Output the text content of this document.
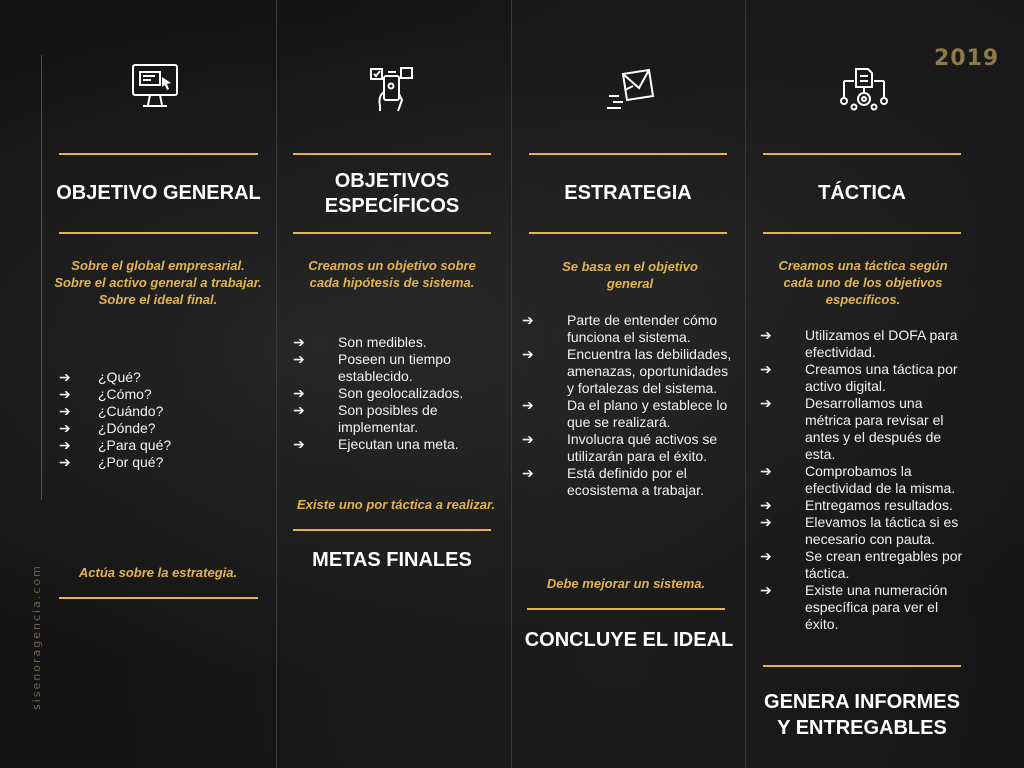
2019
sisenoragencia.com
OBJETIVO GENERAL
Sobre el global empresarial.
Sobre el activo general a trabajar.
Sobre el ideal final.
➔ ¿Qué?
➔ ¿Cómo?
➔ ¿Cuándo?
➔ ¿Dónde?
➔ ¿Para qué?
➔ ¿Por qué?
Actúa sobre la estrategia.
OBJETIVOS ESPECÍFICOS
Creamos un objetivo sobre cada hipótesis de sistema.
➔ Son medibles.
➔ Poseen un tiempo establecido.
➔ Son geolocalizados.
➔ Son posibles de implementar.
➔ Ejecutan una meta.
Existe uno por táctica a realizar.
METAS FINALES
ESTRATEGIA
Se basa en el objetivo general
➔ Parte de entender cómo funciona el sistema.
➔ Encuentra las debilidades, amenazas, oportunidades y fortalezas del sistema.
➔ Da el plano y establece lo que se realizará.
➔ Involucra qué activos se utilizarán para el éxito.
➔ Está definido por el ecosistema a trabajar.
Debe mejorar un sistema.
CONCLUYE EL IDEAL
TÁCTICA
Creamos una táctica según cada uno de los objetivos específicos.
➔ Utilizamos el DOFA para efectividad.
➔ Creamos una táctica por activo digital.
➔ Desarrollamos una métrica para revisar el antes y el después de esta.
➔ Comprobamos la efectividad de la misma.
➔ Entregamos resultados.
➔ Elevamos la táctica si es necesario con pauta.
➔ Se crean entregables por táctica.
➔ Existe una numeración específica para ver el éxito.
GENERA INFORMES Y ENTREGABLES
